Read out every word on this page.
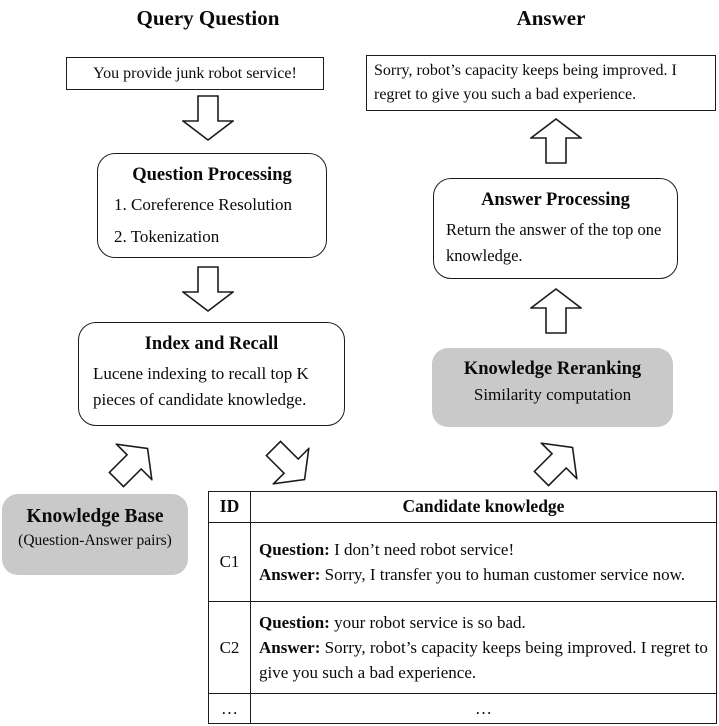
Query Question	Answer
You provide junk robot service!	Sorry, robot’s capacity keeps being improved. I regret to give you such a bad experience.
Question Processing
1. Coreference Resolution
2. Tokenization
Index and Recall
Lucene indexing to recall top K pieces of candidate knowledge.
Knowledge Base
(Question-Answer pairs)
Answer Processing
Return the answer of the top one knowledge.
Knowledge Reranking
Similarity computation
ID	Candidate knowledge
C1	Question: I don’t need robot service!
Answer: Sorry, I transfer you to human customer service now.

C2	Question: your robot service is so bad.
Answer: Sorry, robot’s capacity keeps being improved. I regret to give you such a bad experience.

…	…
